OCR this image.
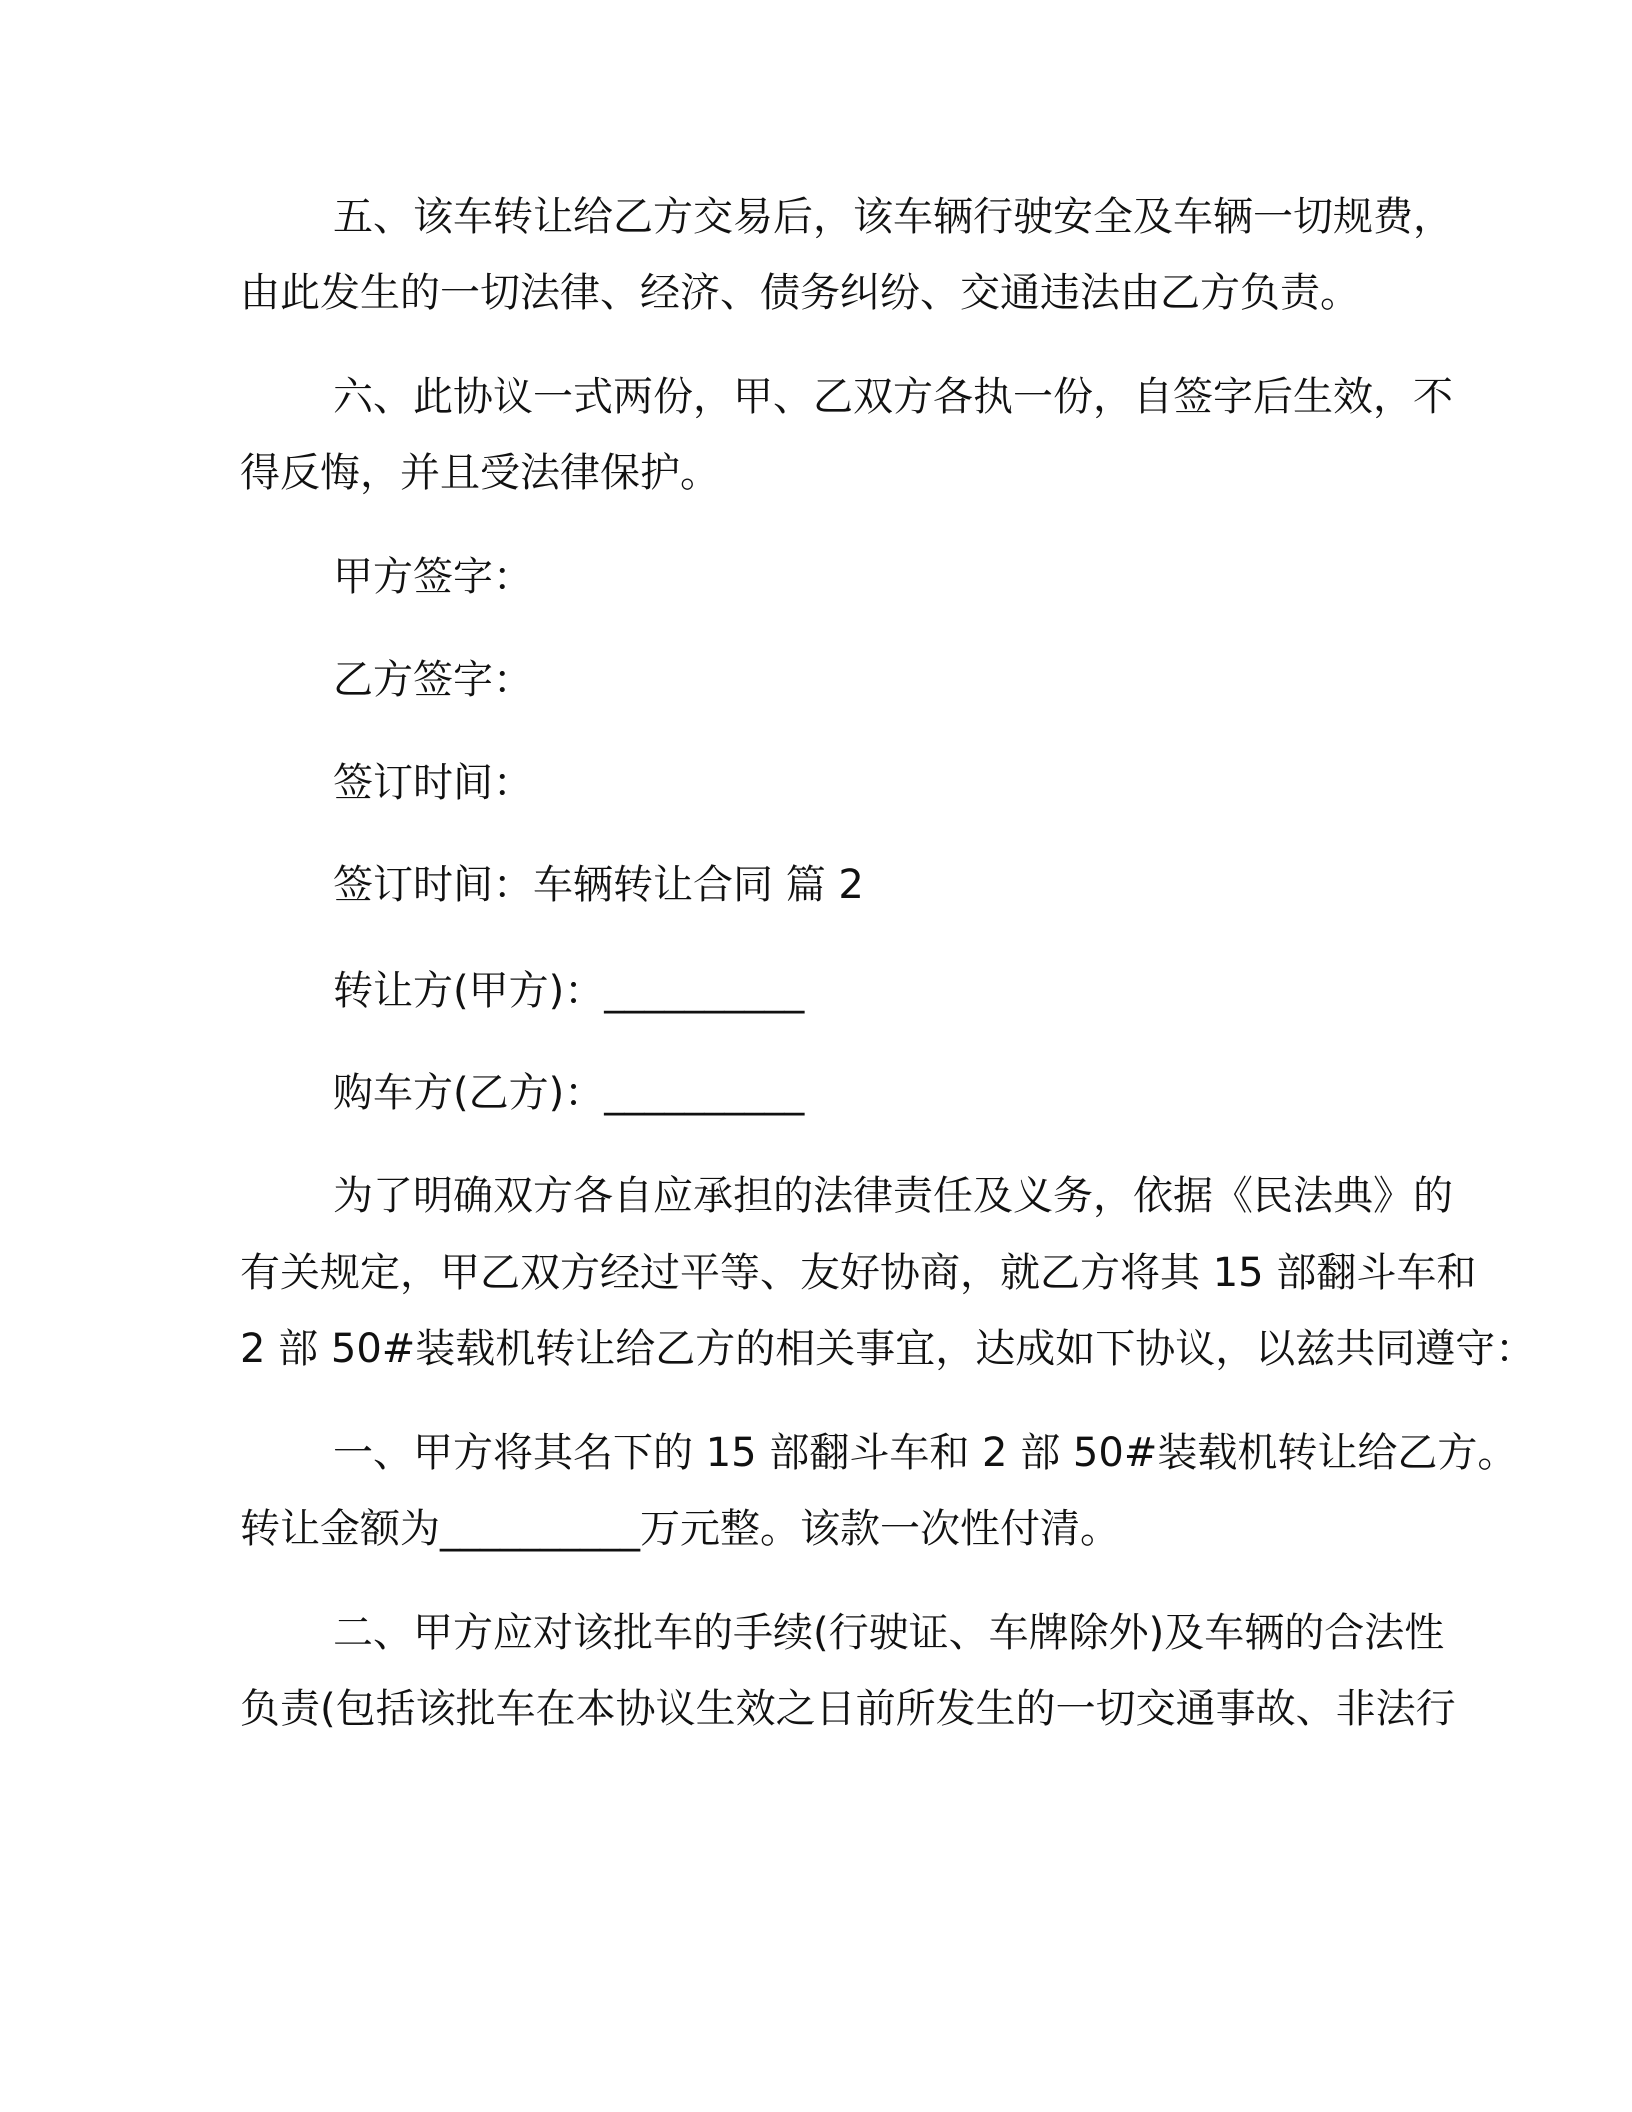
五、该车转让给乙方交易后，该车辆行驶安全及车辆一切规费，
由此发生的一切法律、经济、债务纠纷、交通违法由乙方负责。
六、此协议一式两份，甲、乙双方各执一份，自签字后生效，不
得反悔，并且受法律保护。
甲方签字：
乙方签字：
签订时间：
签订时间：车辆转让合同 篇 2
转让方(甲方)：__________
购车方(乙方)：__________
为了明确双方各自应承担的法律责任及义务，依据《民法典》的
有关规定，甲乙双方经过平等、友好协商，就乙方将其 15 部翻斗车和
2 部 50#装载机转让给乙方的相关事宜，达成如下协议，以兹共同遵守：
一、甲方将其名下的 15 部翻斗车和 2 部 50#装载机转让给乙方。
转让金额为__________万元整。该款一次性付清。
二、甲方应对该批车的手续(行驶证、车牌除外)及车辆的合法性
负责(包括该批车在本协议生效之日前所发生的一切交通事故、非法行
